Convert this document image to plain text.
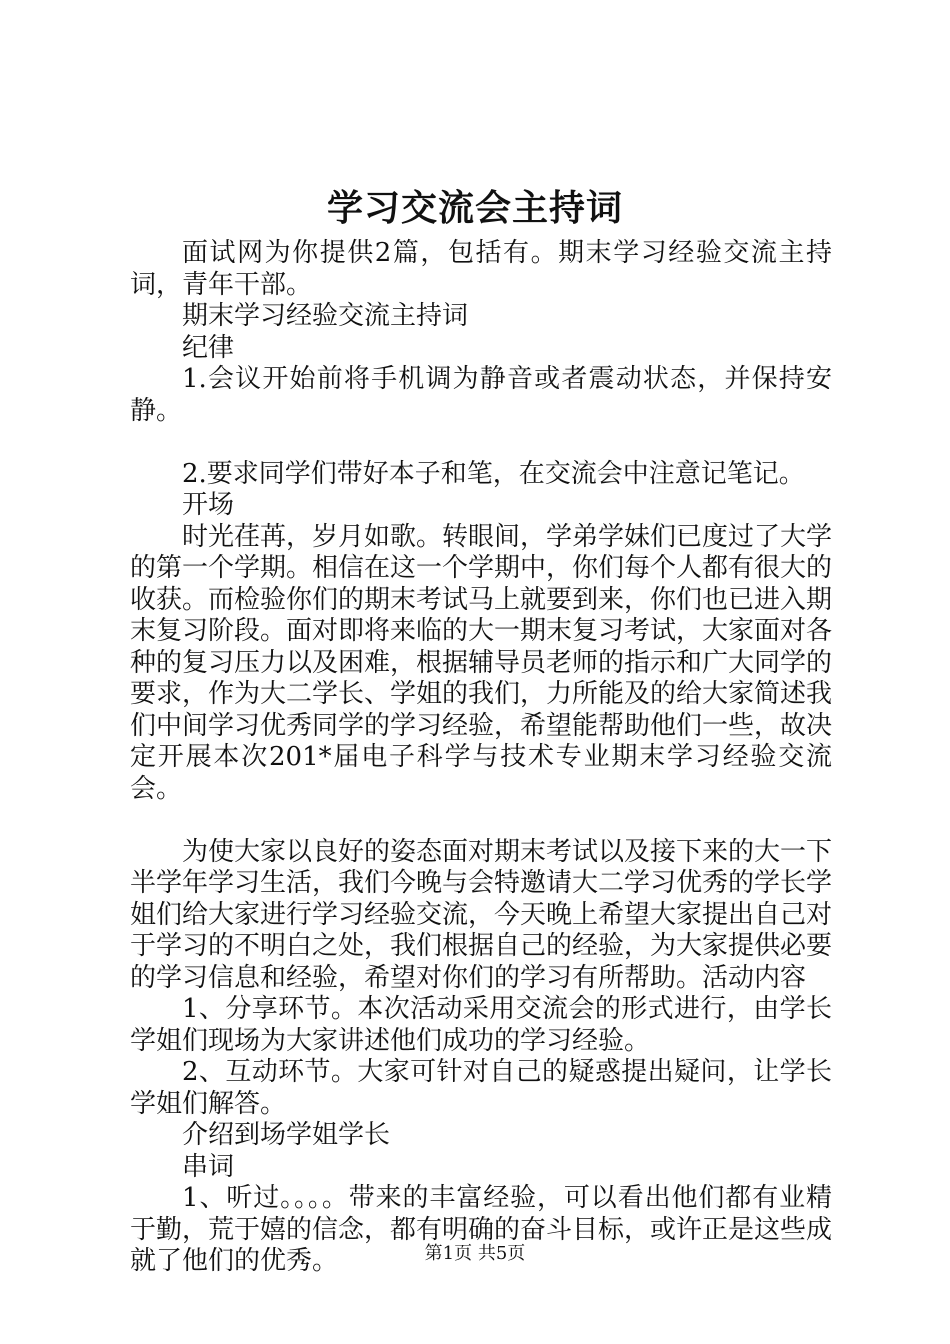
学习交流会主持词

面试网为你提供2篇，包括有。期末学习经验交流主持词，青年干部。

期末学习经验交流主持词

纪律

1.会议开始前将手机调为静音或者震动状态，并保持安静。

2.要求同学们带好本子和笔，在交流会中注意记笔记。

开场

时光荏苒，岁月如歌。转眼间，学弟学妹们已度过了大学的第一个学期。相信在这一个学期中，你们每个人都有很大的收获。而检验你们的期末考试马上就要到来，你们也已进入期末复习阶段。面对即将来临的大一期末复习考试，大家面对各种的复习压力以及困难，根据辅导员老师的指示和广大同学的要求，作为大二学长、学姐的我们，力所能及的给大家简述我们中间学习优秀同学的学习经验，希望能帮助他们一些，故决定开展本次201*届电子科学与技术专业期末学习经验交流会。

为使大家以良好的姿态面对期末考试以及接下来的大一下半学年学习生活，我们今晚与会特邀请大二学习优秀的学长学姐们给大家进行学习经验交流，今天晚上希望大家提出自己对于学习的不明白之处，我们根据自己的经验，为大家提供必要的学习信息和经验，希望对你们的学习有所帮助。活动内容

1、分享环节。本次活动采用交流会的形式进行，由学长学姐们现场为大家讲述他们成功的学习经验。

2、互动环节。大家可针对自己的疑惑提出疑问，让学长学姐们解答。

介绍到场学姐学长

串词

1、听过。。。。带来的丰富经验，可以看出他们都有业精于勤，荒于嬉的信念，都有明确的奋斗目标，或许正是这些成就了他们的优秀。	第1页 共5页
